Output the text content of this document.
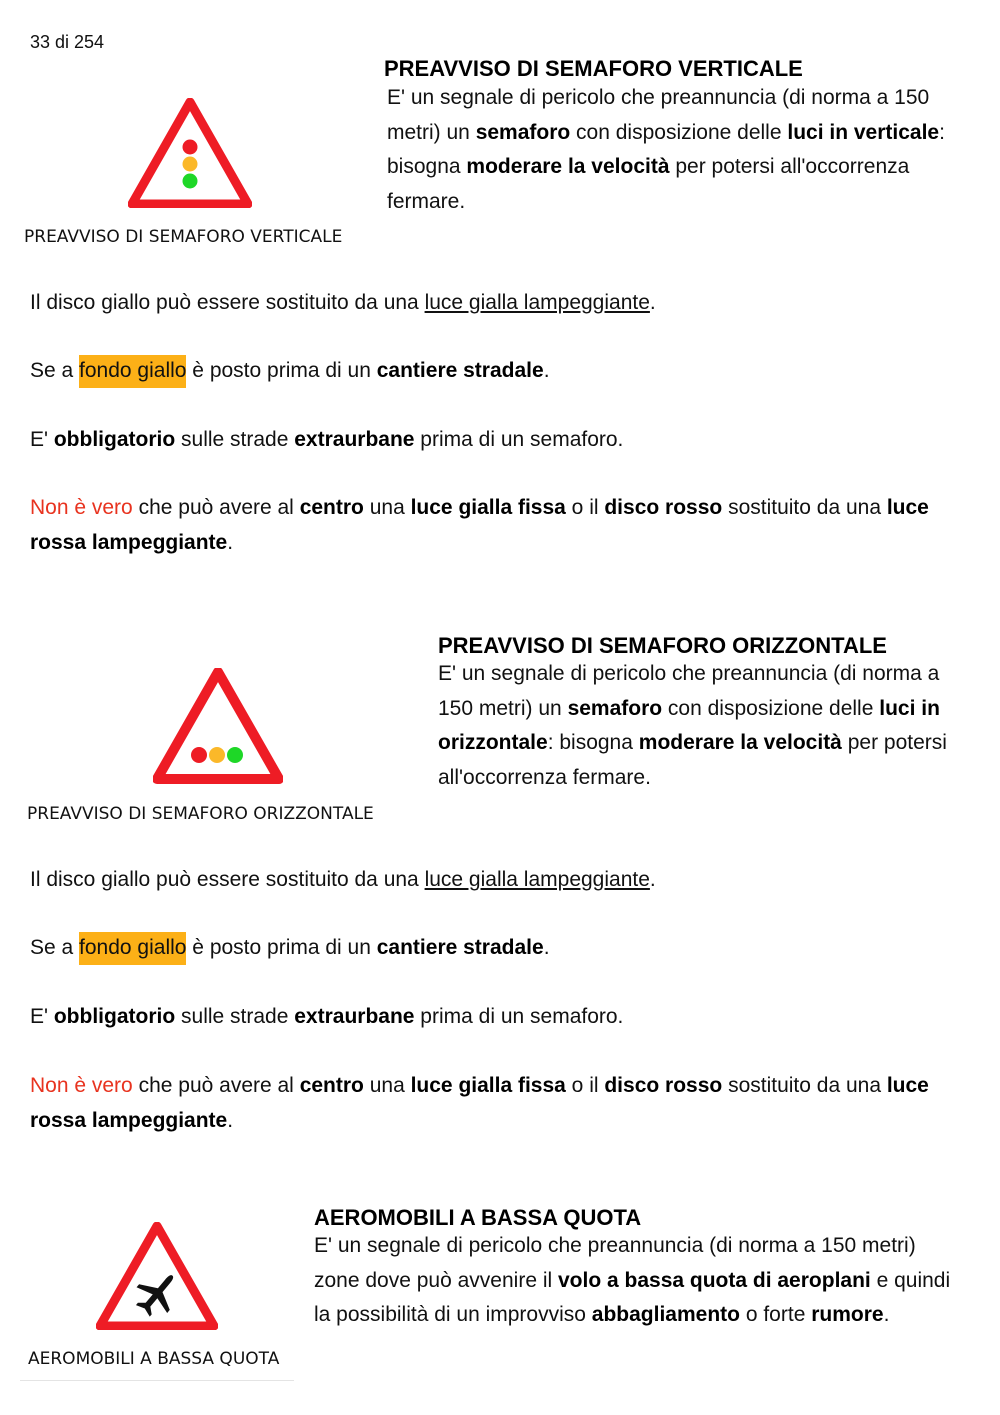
33 di 254
PREAVVISO DI SEMAFORO VERTICALE
PREAVVISO DI SEMAFORO VERTICALE
E' un segnale di pericolo che preannuncia (di norma a 150 metri) un semaforo con disposizione delle luci in verticale: bisogna moderare la velocità per potersi all'occorrenza fermare.
Il disco giallo può essere sostituito da una luce gialla lampeggiante.
Se a fondo giallo è posto prima di un cantiere stradale.
E' obbligatorio sulle strade extraurbane prima di un semaforo.
Non è vero che può avere al centro una luce gialla fissa o il disco rosso sostituito da una luce rossa lampeggiante.
PREAVVISO DI SEMAFORO ORIZZONTALE
PREAVVISO DI SEMAFORO ORIZZONTALE
E' un segnale di pericolo che preannuncia (di norma a 150 metri) un semaforo con disposizione delle luci in orizzontale: bisogna moderare la velocità per potersi all'occorrenza fermare.
Il disco giallo può essere sostituito da una luce gialla lampeggiante.
Se a fondo giallo è posto prima di un cantiere stradale.
E' obbligatorio sulle strade extraurbane prima di un semaforo.
Non è vero che può avere al centro una luce gialla fissa o il disco rosso sostituito da una luce rossa lampeggiante.
AEROMOBILI A BASSA QUOTA
AEROMOBILI A BASSA QUOTA
E' un segnale di pericolo che preannuncia (di norma a 150 metri) zone dove può avvenire il volo a bassa quota di aeroplani e quindi la possibilità di un improvviso abbagliamento o forte rumore.
